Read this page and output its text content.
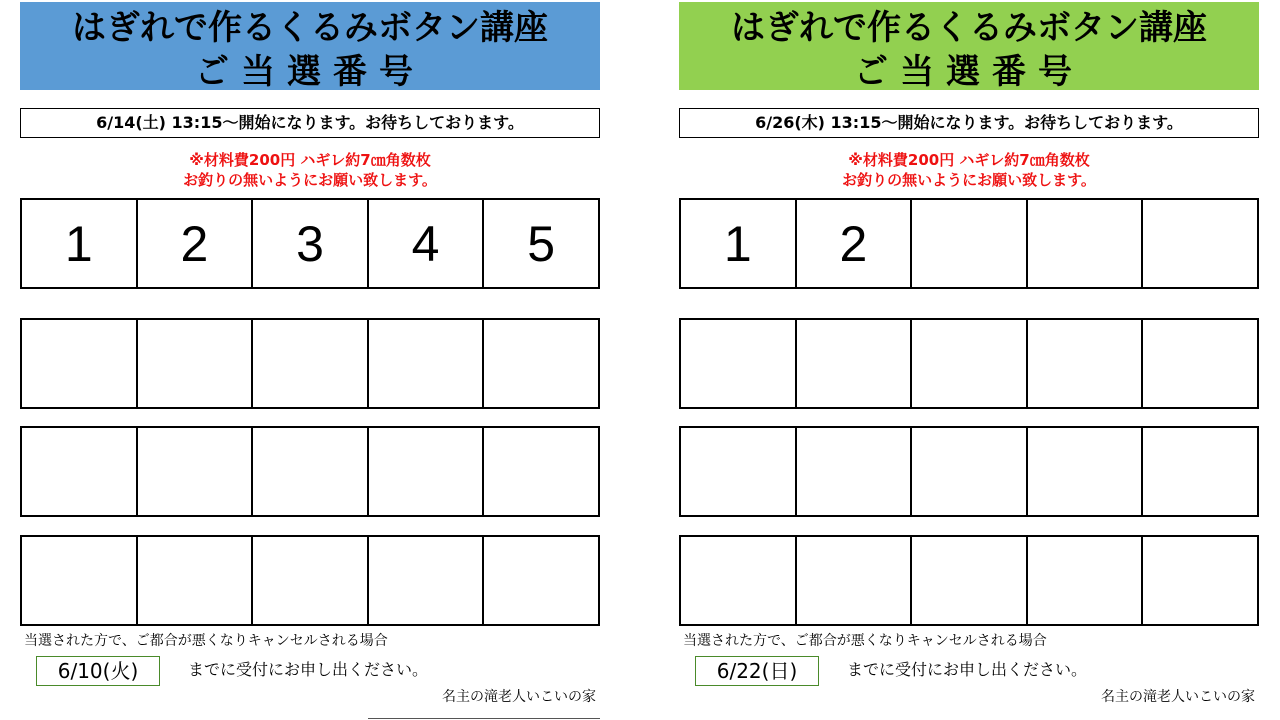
はぎれで作るくるみボタン講座
ご当選番号
6/14(土) 13:15～開始になります。お待ちしております。
※材料費200円 ハギレ約7㎝角数枚
お釣りの無いようにお願い致します。
1	2	3	4	5
当選された方で、ご都合が悪くなりキャンセルされる場合
6/10(火)	までに受付にお申し出ください。
名主の滝老人いこいの家
はぎれで作るくるみボタン講座
ご当選番号
6/26(木) 13:15～開始になります。お待ちしております。
※材料費200円 ハギレ約7㎝角数枚
お釣りの無いようにお願い致します。
1	2
当選された方で、ご都合が悪くなりキャンセルされる場合
6/22(日)	までに受付にお申し出ください。
名主の滝老人いこいの家
